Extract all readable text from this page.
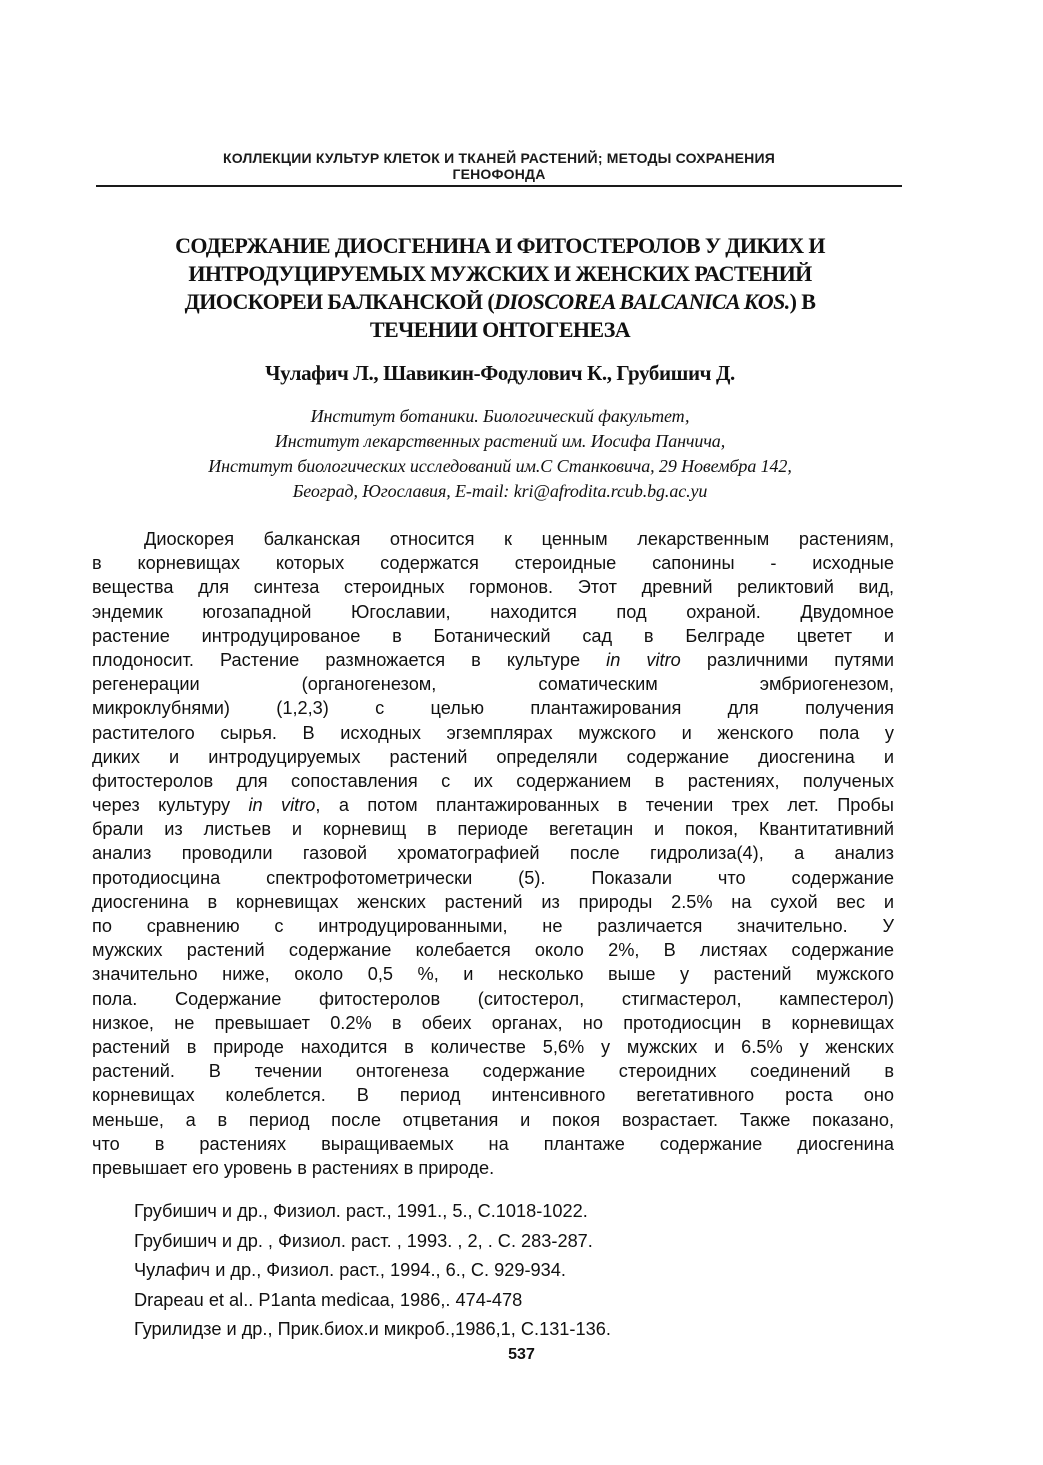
КОЛЛЕКЦИИ КУЛЬТУР КЛЕТОК И ТКАНЕЙ РАСТЕНИЙ; МЕТОДЫ СОХРАНЕНИЯ
ГЕНОФОНДА
СОДЕРЖАНИЕ ДИОСГЕНИНА И ФИТОСТЕРОЛОВ У ДИКИХ И
ИНТРОДУЦИРУЕМЫХ МУЖСКИХ И ЖЕНСКИХ РАСТЕНИЙ
ДИОСКОРЕИ БАЛКАНСКОЙ (DIOSCOREA BALCANICA KOS.) В
ТЕЧЕНИИ ОНТОГЕНЕЗА
Чулафич Л., Шавикин-Фодулович К., Грубишич Д.
Институт ботаники. Биологический факультет,
Институт лекарственных растений им. Иосифа Панчича,
Институт биологических исследований им.С Станковича, 29 Новембра 142,
Београд, Югославия, E-mail: kri@afrodita.rcub.bg.ac.yu
Диоскорея балканская относится к ценным лекарственным растениям,
в корневищах которых содержатся стероидные сапонины - исходные
вещества для синтеза стероидных гормонов. Этот древний реликтовий вид,
эндемик югозападной Югославии, находится под охраной. Двудомное
растение интродуцированое в Ботанический сад в Белграде цветет и
плодоносит. Растение размножается в культуре in vitro различними путями
регенерации	(органогенезом,	соматическим	эмбриогенезом,
микроклубнями) (1,2,3) с целью плантажирования для получения
растителого сырья. В исходных эгземплярах мужского и женского пола у
диких и интродуцируемых растений определяли содержание диосгенина и
фитостеролов для сопоставления с их содержанием в растениях, полученых
через культуру in vitro, а потом плантажированных в течении трех лет. Пробы
брали из листьев и корневищ в периоде вегетацин и покоя, Квантитативний
анализ проводили газовой хроматографией после гидролиза(4), а анализ
протодиосцина спектрофотометрически (5). Показали что содержание
диосгенина в корневищах женских растений из природы 2.5% на сухой вес и
по сравнению с интродуцированными, не различается значительно. У
мужских растений содержание колебается около 2%, В листяах содержание
значительно ниже, около 0,5 %, и несколько выше у растений мужского
пола. Содержание фитостеролов (ситостерол, стигмастерол, кампестерол)
низкое, не превышает 0.2% в обеих органах, но протодиосцин в корневищах
растений в природе находится в количестве 5,6% у мужских и 6.5% у женских
растений. В течении онтогенеза содержание стероидних соединений в
корневищах колеблется. В период интенсивного вегетативного роста оно
меньше, а в период после отцветания и покоя возрастает. Также показано,
что в растениях выращиваемых на плантаже содержание диосгенина
превышает его уровень в растениях в природе.
Грубишич и др., Физиол. раст., 1991., 5., С.1018-1022.
Грубишич и др. , Физиол. раст. , 1993. , 2, . С. 283-287.
Чулафич и др., Физиол. раст., 1994., 6., С. 929-934.
Drapeau et al.. P1anta medicaa, 1986,. 474-478
Гурилидзе и др., Прик.биох.и микроб.,1986,1, С.131-136.
537
